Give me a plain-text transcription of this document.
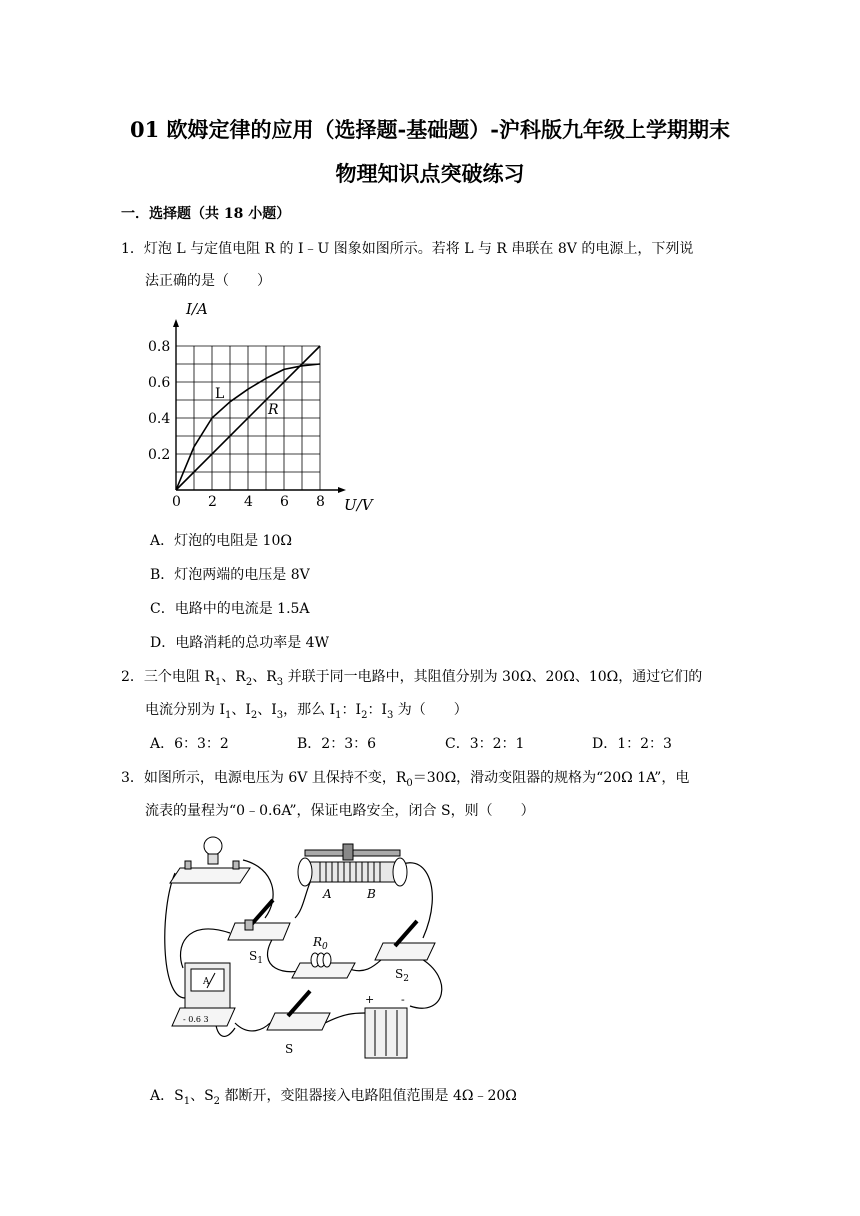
01 欧姆定律的应用（选择题-基础题）-沪科版九年级上学期期末
物理知识点突破练习
一．选择题（共 18 小题）
1．灯泡 L 与定值电阻 R 的 I﹣U 图象如图所示。若将 L 与 R 串联在 8V 的电源上，下列说
法正确的是（　　）
0 2 4 6 8
0.2
0.4
0.6
0.8
I/A
U/V
L
R
A．灯泡的电阻是 10Ω
B．灯泡两端的电压是 8V
C．电路中的电流是 1.5A
D．电路消耗的总功率是 4W
2．三个电阻 $R_1$、$R_2$、$R_3$ 并联于同一电路中，其阻值分别为 30Ω、20Ω、10Ω，通过它们的
电流分别为 $I_1$、$I_2$、$I_3$，那么 $I_1$：$I_2$：$I_3$ 为（　　）
A．6：3：2	B．2：3：6	C．3：2：1	D．1：2：3
3．如图所示，电源电压为 6V 且保持不变，$R_0=30\Omega$，滑动变阻器的规格为“20Ω 1A”，电
流表的量程为“0﹣0.6A”，保证电路安全，闭合 S，则（　　）
A	B
$S_1$
$R_0$
$S_2$
A
- 0.6 3
S
+ -
A．$S_1$、$S_2$ 都断开，变阻器接入电路阻值范围是 4Ω﹣20Ω
